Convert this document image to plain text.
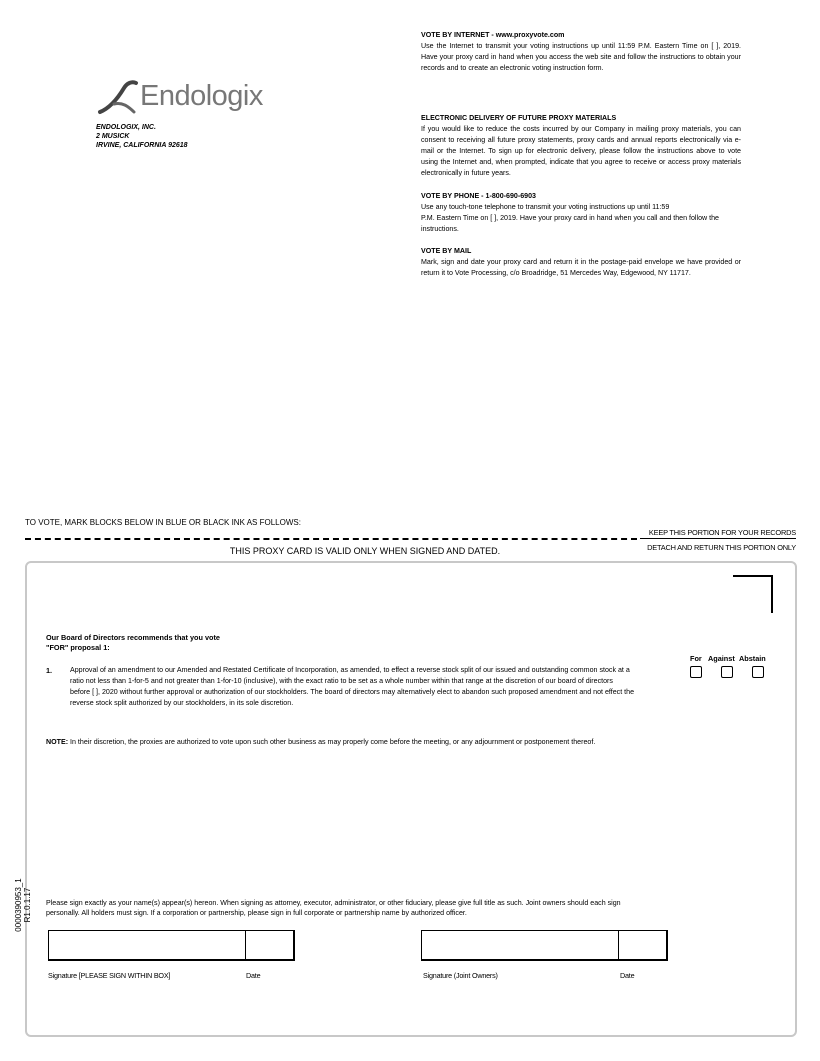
Endologix
ENDOLOGIX, INC.
2 MUSICK
IRVINE, CALIFORNIA 92618
VOTE BY INTERNET - www.proxyvote.com
Use the Internet to transmit your voting instructions up until 11:59 P.M. Eastern Time on [ ], 2019. Have your proxy card in hand when you access the web site and follow the instructions to obtain your records and to create an electronic voting instruction form.
ELECTRONIC DELIVERY OF FUTURE PROXY MATERIALS
If you would like to reduce the costs incurred by our Company in mailing proxy materials, you can consent to receiving all future proxy statements, proxy cards and annual reports electronically via e-mail or the Internet. To sign up for electronic delivery, please follow the instructions above to vote using the Internet and, when prompted, indicate that you agree to receive or access proxy materials electronically in future years.
VOTE BY PHONE - 1-800-690-6903
Use any touch-tone telephone to transmit your voting instructions up until 11:59
P.M. Eastern Time on [ ], 2019. Have your proxy card in hand when you call and then follow the instructions.
VOTE BY MAIL
Mark, sign and date your proxy card and return it in the postage-paid envelope we have provided or return it to Vote Processing, c/o Broadridge, 51 Mercedes Way, Edgewood, NY 11717.
TO VOTE, MARK BLOCKS BELOW IN BLUE OR BLACK INK AS FOLLOWS:
KEEP THIS PORTION FOR YOUR RECORDS
DETACH AND RETURN THIS PORTION ONLY
THIS PROXY CARD IS VALID ONLY WHEN SIGNED AND DATED.
Our Board of Directors recommends that you vote
"FOR" proposal 1:
For Against Abstain
1.	Approval of an amendment to our Amended and Restated Certificate of Incorporation, as amended, to effect a reverse stock split of our issued and outstanding common stock at a ratio not less than 1-for-5 and not greater than 1-for-10 (inclusive), with the exact ratio to be set as a whole number within that range at the discretion of our board of directors before [ ], 2020 without further approval or authorization of our stockholders. The board of directors may alternatively elect to abandon such proposed amendment and not effect the reverse stock split authorized by our stockholders, in its sole discretion.
NOTE: In their discretion, the proxies are authorized to vote upon such other business as may properly come before the meeting, or any adjournment or postponement thereof.
Please sign exactly as your name(s) appear(s) hereon. When signing as attorney, executor, administrator, or other fiduciary, please give full title as such. Joint owners should each sign personally. All holders must sign. If a corporation or partnership, please sign in full corporate or partnership name by authorized officer.
Signature [PLEASE SIGN WITHIN BOX]	Date	Signature (Joint Owners)	Date
0000390953_1 R1.0.1.17
